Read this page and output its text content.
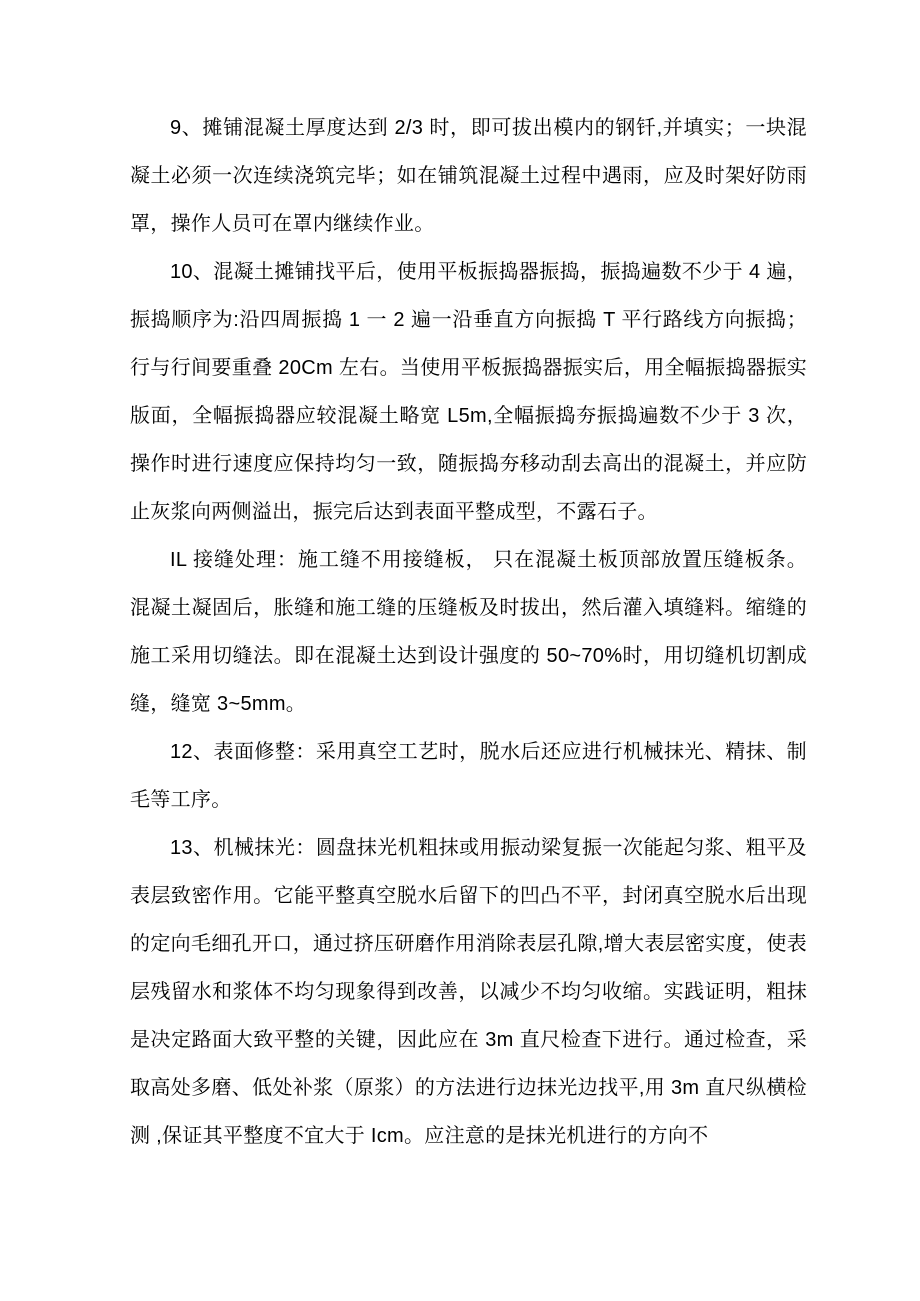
9、摊铺混凝土厚度达到 2/3 时，即可拔出模内的钢钎,并填实；一块混凝土必须一次连续浇筑完毕；如在铺筑混凝土过程中遇雨，应及时架好防雨罩，操作人员可在罩内继续作业。

10、混凝土摊铺找平后，使用平板振捣器振捣，振捣遍数不少于 4 遍，振捣顺序为:沿四周振捣 1 一 2 遍一沿垂直方向振捣 T 平行路线方向振捣；行与行间要重叠 20Cm 左右。当使用平板振捣器振实后，用全幅振捣器振实版面，全幅振捣器应较混凝土略宽 L5m,全幅振捣夯振捣遍数不少于 3 次，操作时进行速度应保持均匀一致，随振捣夯移动刮去高出的混凝土，并应防止灰浆向两侧溢出，振完后达到表面平整成型，不露石子。

IL 接缝处理：施工缝不用接缝板， 只在混凝土板顶部放置压缝板条。混凝土凝固后，胀缝和施工缝的压缝板及时拔出，然后灌入填缝料。缩缝的施工采用切缝法。即在混凝土达到设计强度的 50~70%时，用切缝机切割成缝，缝宽 3~5mm。

12、表面修整：采用真空工艺时，脱水后还应进行机械抹光、精抹、制毛等工序。

13、机械抹光：圆盘抹光机粗抹或用振动梁复振一次能起匀浆、粗平及表层致密作用。它能平整真空脱水后留下的凹凸不平，封闭真空脱水后出现的定向毛细孔开口，通过挤压研磨作用消除表层孔隙,增大表层密实度，使表层残留水和浆体不均匀现象得到改善，以减少不均匀收缩。实践证明，粗抹是决定路面大致平整的关键，因此应在 3m 直尺检查下进行。通过检查，采取高处多磨、低处补浆（原浆）的方法进行边抹光边找平,用 3m 直尺纵横检测 ,保证其平整度不宜大于 Icm。应注意的是抹光机进行的方向不
